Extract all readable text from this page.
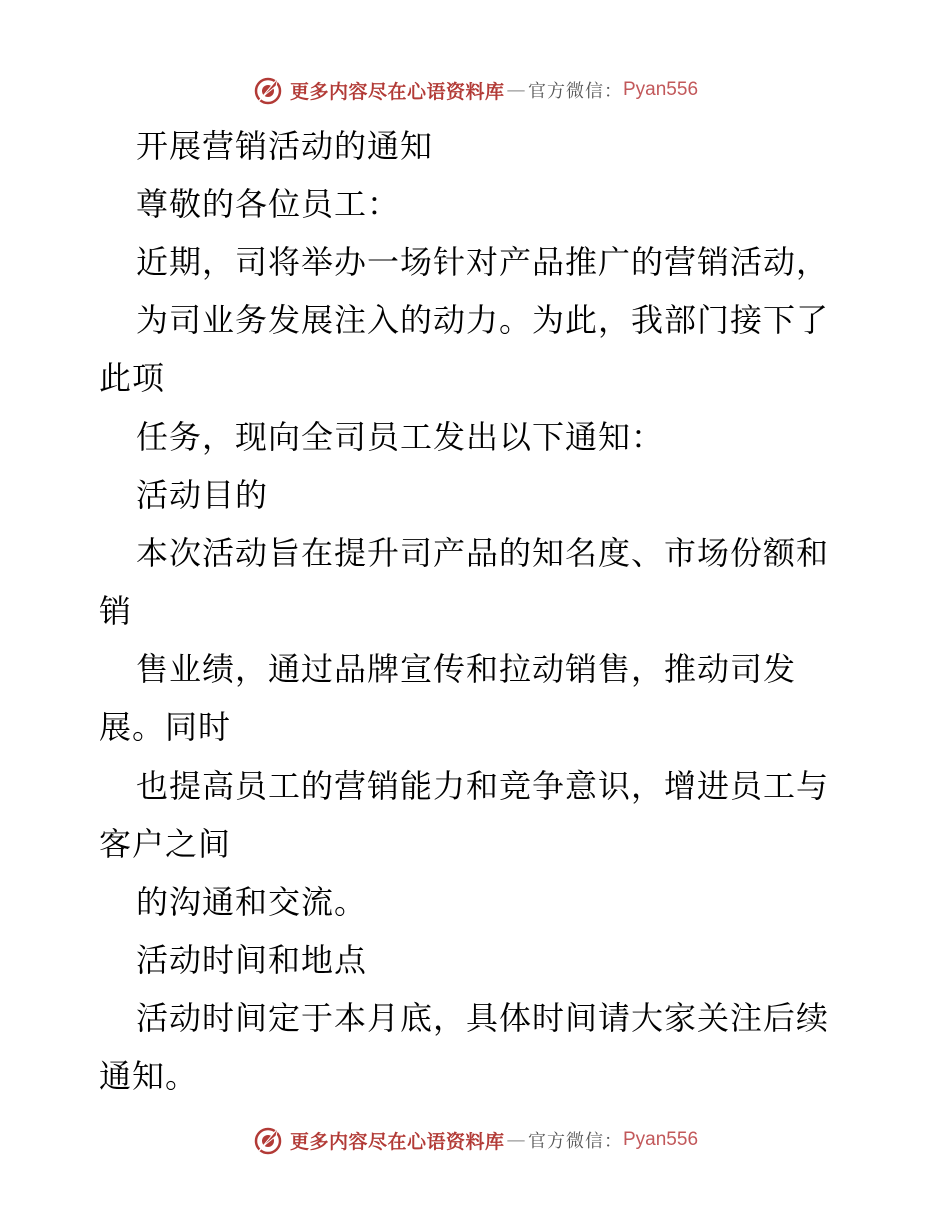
更多内容尽在心语资料库 — 官方微信： Pyan556
开展营销活动的通知
尊敬的各位员工：
近期，司将举办一场针对产品推广的营销活动，
为司业务发展注入的动力。为此，我部门接下了
此项
任务，现向全司员工发出以下通知：
活动目的
本次活动旨在提升司产品的知名度、市场份额和
销
售业绩，通过品牌宣传和拉动销售，推动司发
展。同时
也提高员工的营销能力和竞争意识，增进员工与
客户之间
的沟通和交流。
活动时间和地点
活动时间定于本月底，具体时间请大家关注后续
通知。
更多内容尽在心语资料库 — 官方微信： Pyan556
